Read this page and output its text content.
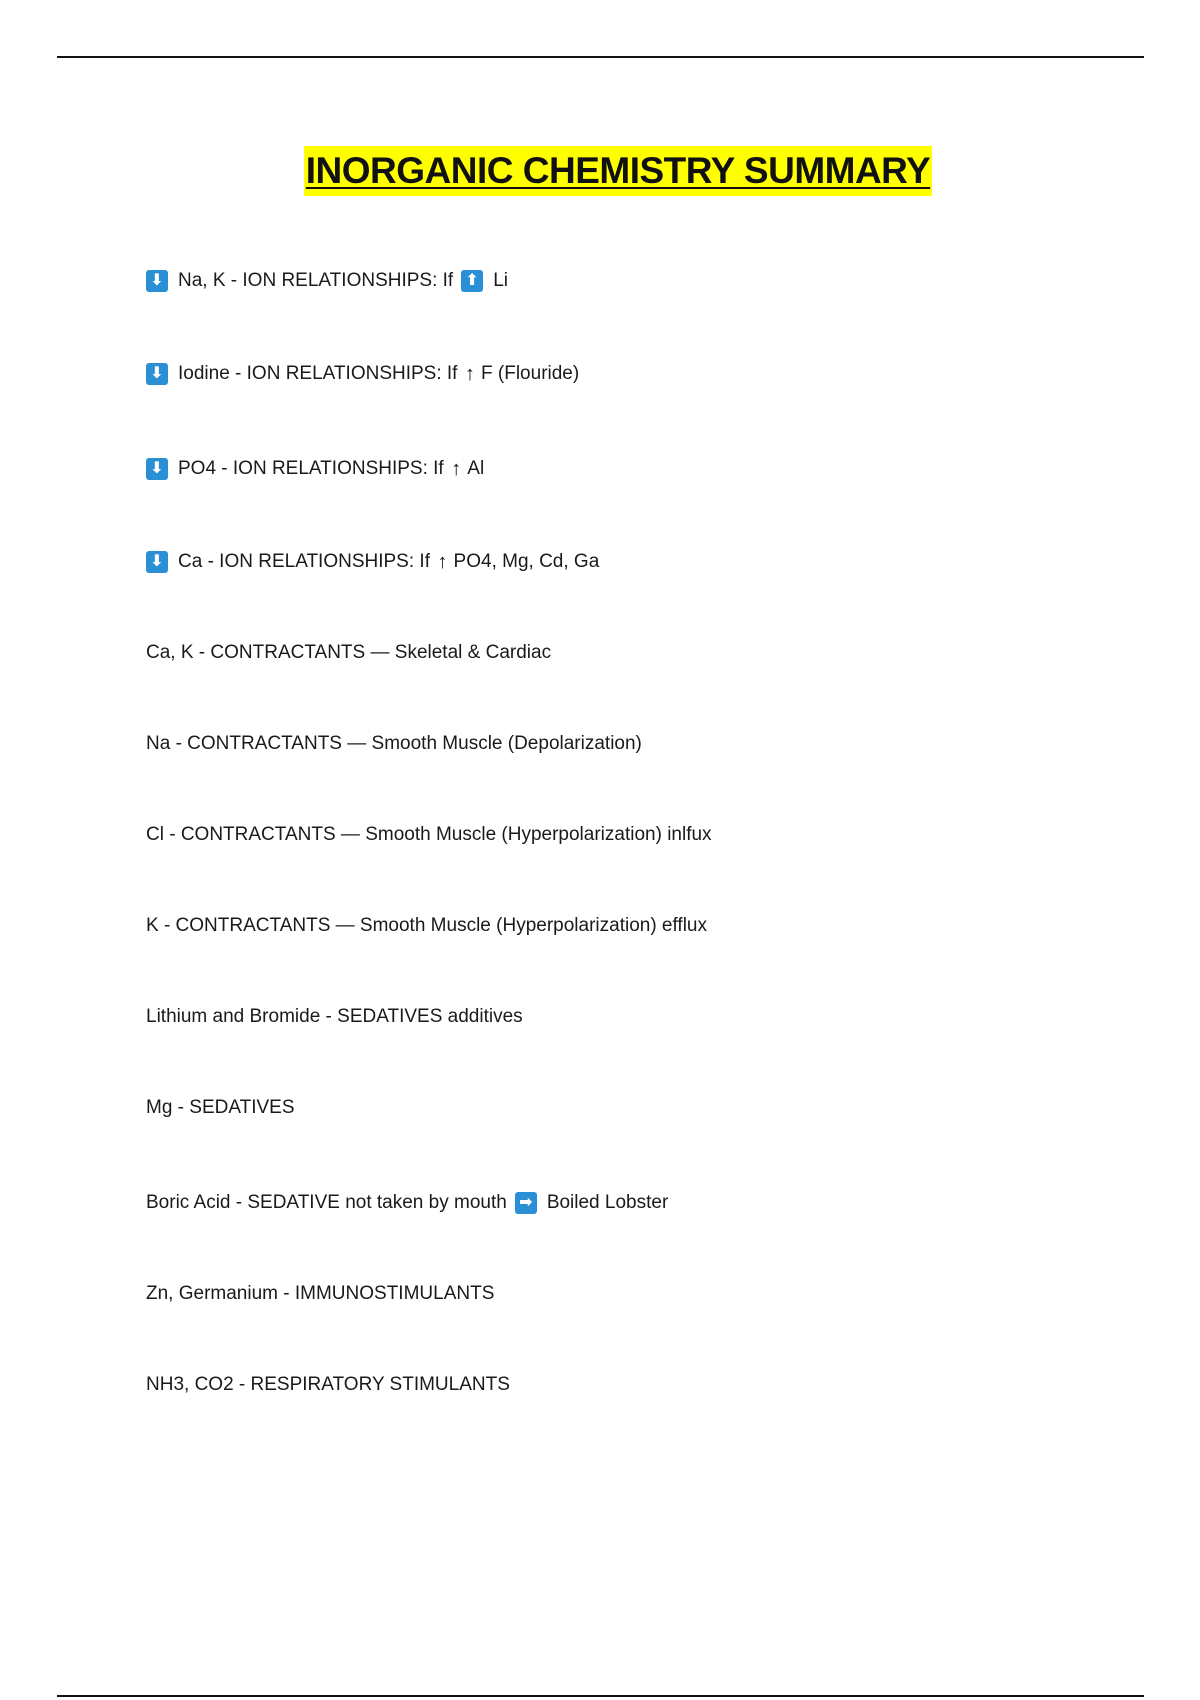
INORGANIC CHEMISTRY SUMMARY
⬇ Na, K - ION RELATIONSHIPS: If ⬆ Li
⬇ Iodine - ION RELATIONSHIPS: If ↑ F (Flouride)
⬇ PO4 - ION RELATIONSHIPS: If ↑ Al
⬇ Ca - ION RELATIONSHIPS: If ↑ PO4, Mg, Cd, Ga
Ca, K - CONTRACTANTS — Skeletal & Cardiac
Na - CONTRACTANTS — Smooth Muscle (Depolarization)
Cl - CONTRACTANTS — Smooth Muscle (Hyperpolarization) inlfux
K - CONTRACTANTS — Smooth Muscle (Hyperpolarization) efflux
Lithium and Bromide - SEDATIVES additives
Mg - SEDATIVES
Boric Acid - SEDATIVE not taken by mouth ➡ Boiled Lobster
Zn, Germanium - IMMUNOSTIMULANTS
NH3, CO2 - RESPIRATORY STIMULANTS
